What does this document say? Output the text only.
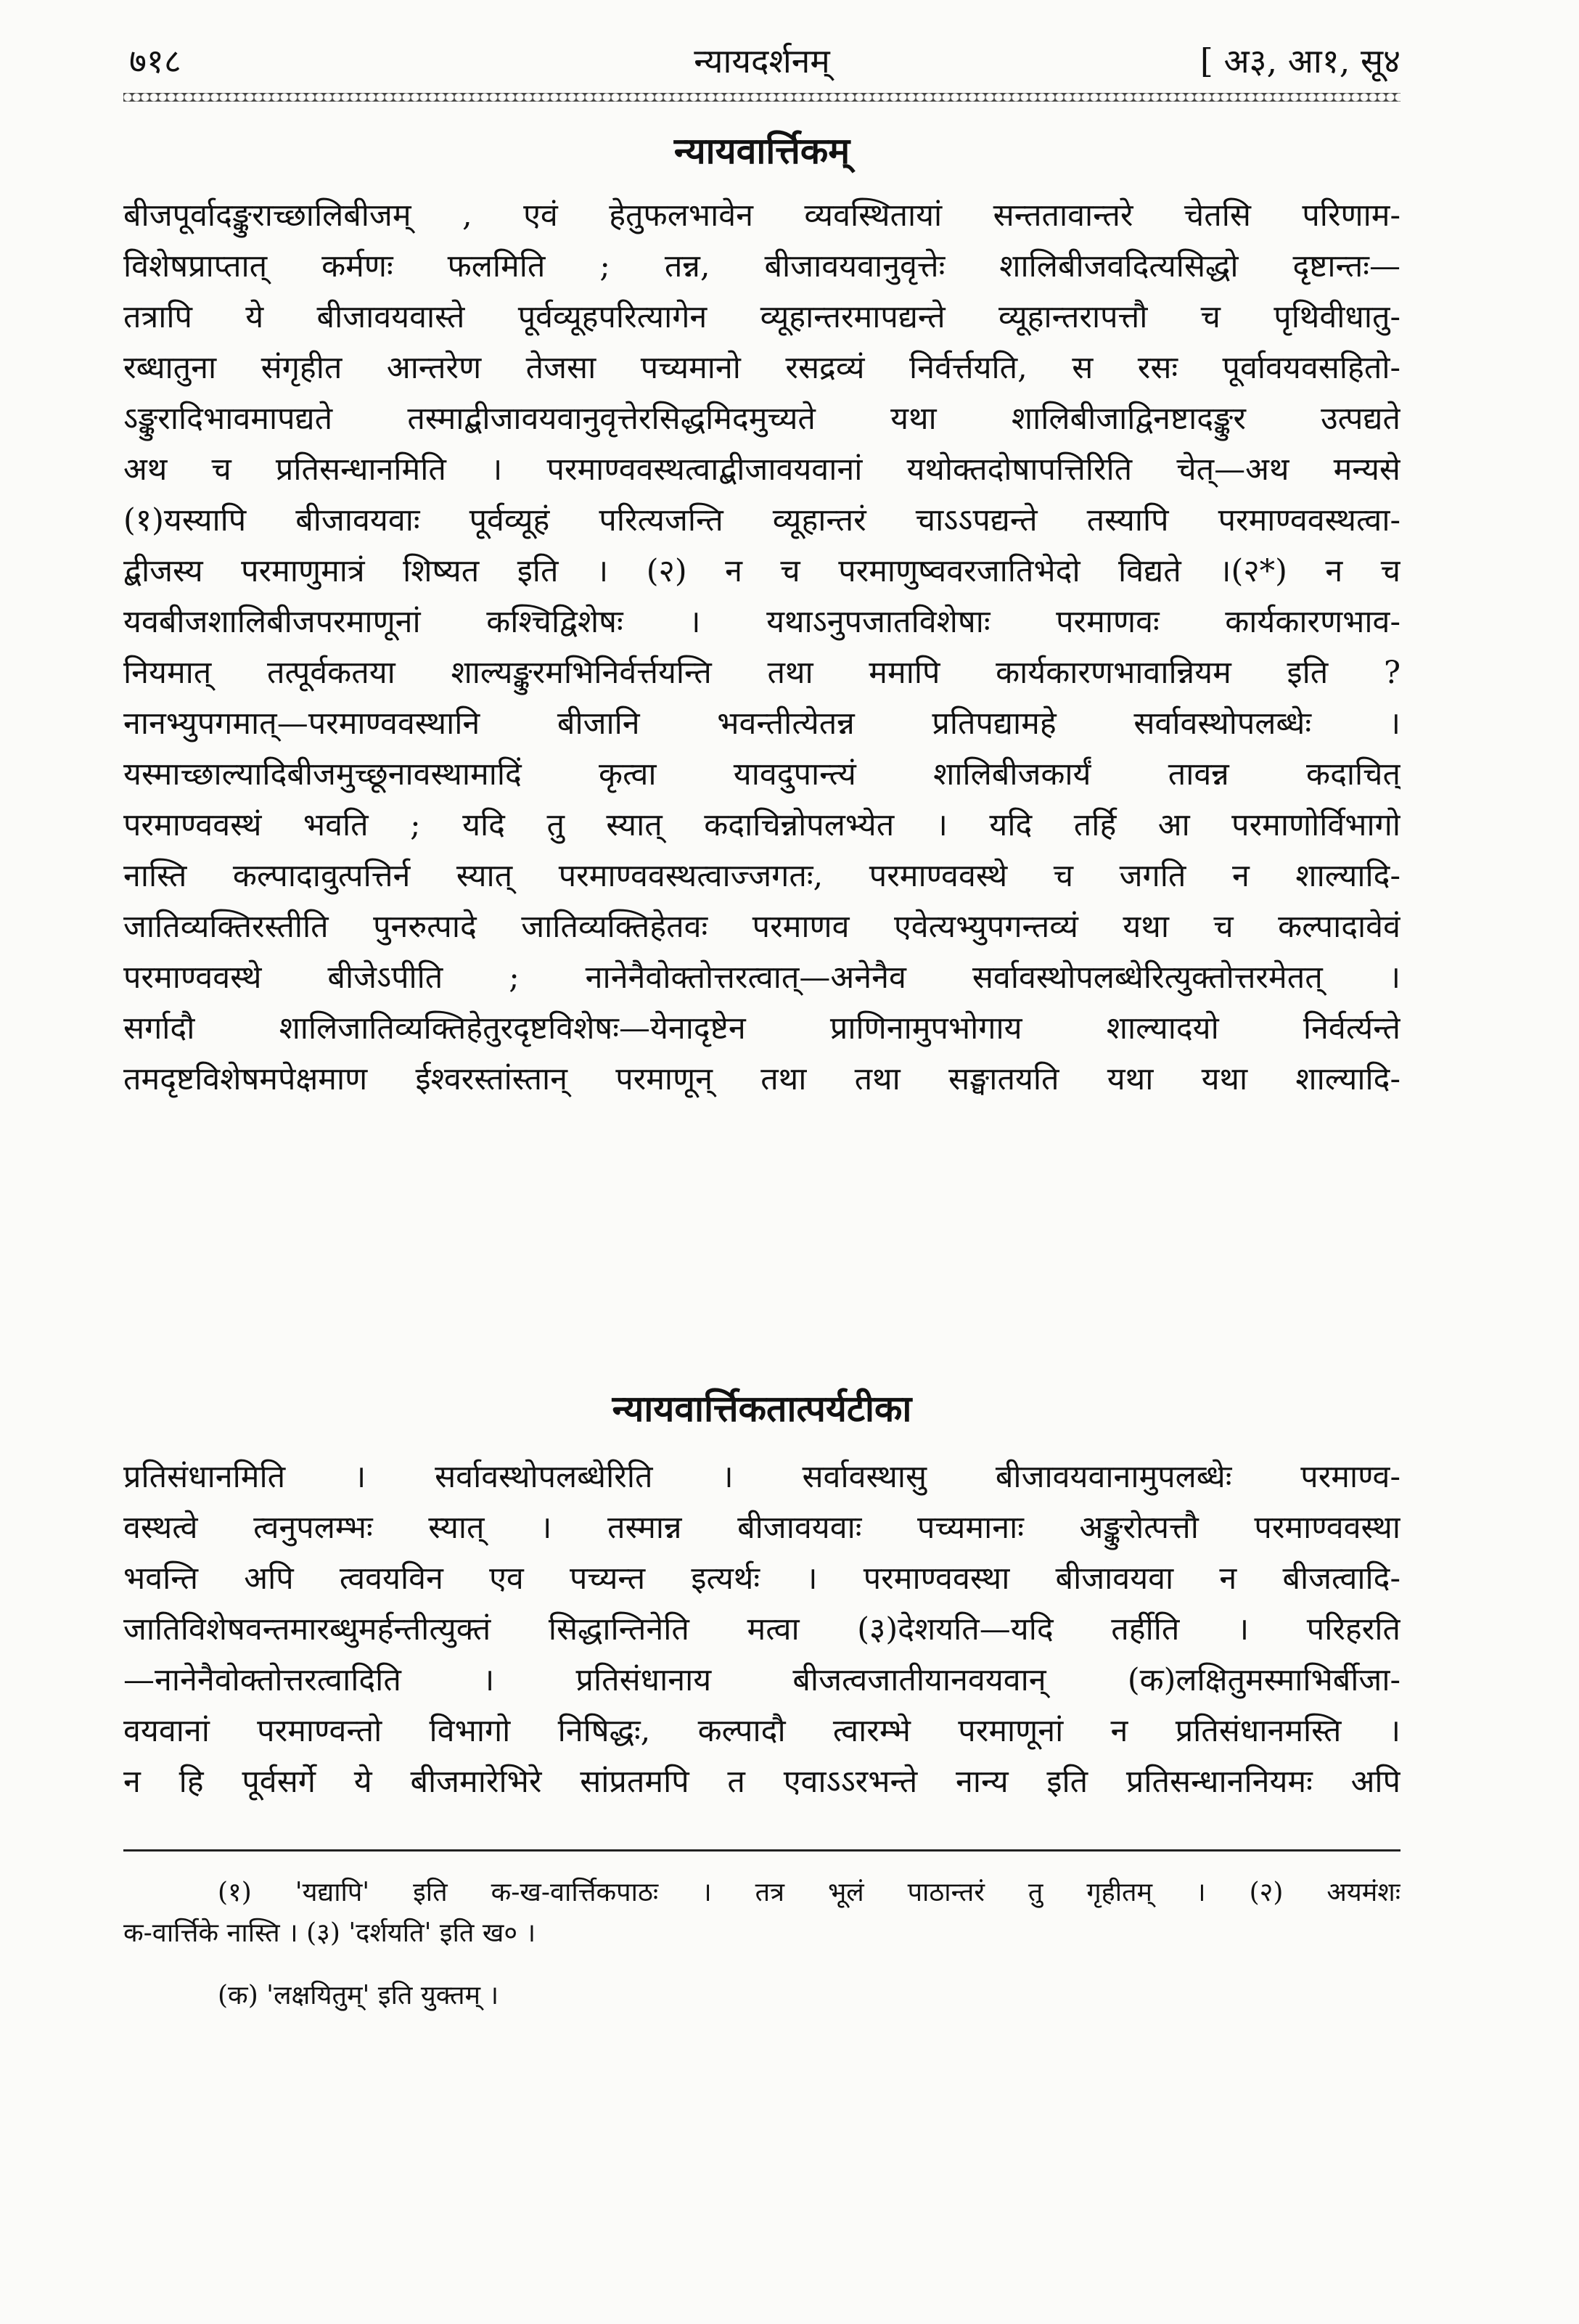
७१८	न्यायदर्शनम्	[ अ३, आ१, सू४
न्यायवार्त्तिकम्
बीजपूर्वादङ्कुराच्छालिबीजम् , एवं हेतुफलभावेन व्यवस्थितायां सन्ततावान्तरे चेतसि परिणाम-
विशेषप्राप्तात् कर्मणः फलमिति ; तन्न, बीजावयवानुवृत्तेः शालिबीजवदित्यसिद्धो दृष्टान्तः—
तत्रापि ये बीजावयवास्ते पूर्वव्यूहपरित्यागेन व्यूहान्तरमापद्यन्ते व्यूहान्तरापत्तौ च पृथिवीधातु-
रब्धातुना संगृहीत आन्तरेण तेजसा पच्यमानो रसद्रव्यं निर्वर्त्तयति, स रसः पूर्वावयवसहितो-
ऽङ्कुरादिभावमापद्यते तस्माद्बीजावयवानुवृत्तेरसिद्धमिदमुच्यते यथा शालिबीजाद्विनष्टादङ्कुर उत्पद्यते
अथ च प्रतिसन्धानमिति । परमाण्ववस्थत्वाद्बीजावयवानां यथोक्तदोषापत्तिरिति चेत्—अथ मन्यसे
(१)यस्यापि बीजावयवाः पूर्वव्यूहं परित्यजन्ति व्यूहान्तरं चाऽऽपद्यन्ते तस्यापि परमाण्ववस्थत्वा-
द्बीजस्य परमाणुमात्रं शिष्यत इति । (२) न च परमाणुष्ववरजातिभेदो विद्यते ।(२*) न च
यवबीजशालिबीजपरमाणूनां कश्चिद्विशेषः । यथाऽनुपजातविशेषाः परमाणवः कार्यकारणभाव-
नियमात् तत्पूर्वकतया शाल्यङ्कुरमभिनिर्वर्त्तयन्ति तथा ममापि कार्यकारणभावान्नियम इति ?
नानभ्युपगमात्—परमाण्ववस्थानि बीजानि भवन्तीत्येतन्न प्रतिपद्यामहे सर्वावस्थोपलब्धेः ।
यस्माच्छाल्यादिबीजमुच्छूनावस्थामादिं कृत्वा यावदुपान्त्यं शालिबीजकार्यं तावन्न कदाचित्
परमाण्ववस्थं भवति ; यदि तु स्यात् कदाचिन्नोपलभ्येत । यदि तर्हि आ परमाणोर्विभागो
नास्ति कल्पादावुत्पत्तिर्न स्यात् परमाण्ववस्थत्वाज्जगतः, परमाण्ववस्थे च जगति न शाल्यादि-
जातिव्यक्तिरस्तीति पुनरुत्पादे जातिव्यक्तिहेतवः परमाणव एवेत्यभ्युपगन्तव्यं यथा च कल्पादावेवं
परमाण्ववस्थे बीजेऽपीति ; नानेनैवोक्तोत्तरत्वात्—अनेनैव सर्वावस्थोपलब्धेरित्युक्तोत्तरमेतत् ।
सर्गादौ शालिजातिव्यक्तिहेतुरदृष्टविशेषः—येनादृष्टेन प्राणिनामुपभोगाय शाल्यादयो निर्वर्त्यन्ते
तमदृष्टविशेषमपेक्षमाण ईश्वरस्तांस्तान् परमाणून् तथा तथा सङ्घातयति यथा यथा शाल्यादि-
न्यायवार्त्तिकतात्पर्यटीका
प्रतिसंधानमिति । सर्वावस्थोपलब्धेरिति । सर्वावस्थासु बीजावयवानामुपलब्धेः परमाण्व-
वस्थत्वे त्वनुपलम्भः स्यात् । तस्मान्न बीजावयवाः पच्यमानाः अङ्कुरोत्पत्तौ परमाण्ववस्था
भवन्ति अपि त्ववयविन एव पच्यन्त इत्यर्थः । परमाण्ववस्था बीजावयवा न बीजत्वादि-
जातिविशेषवन्तमारब्धुमर्हन्तीत्युक्तं सिद्धान्तिनेति मत्वा (३)देशयति—यदि तर्हीति । परिहरति
—नानेनैवोक्तोत्तरत्वादिति । प्रतिसंधानाय बीजत्वजातीयानवयवान् (क)लक्षितुमस्माभिर्बीजा-
वयवानां परमाण्वन्तो विभागो निषिद्धः, कल्पादौ त्वारम्भे परमाणूनां न प्रतिसंधानमस्ति ।
न हि पूर्वसर्गे ये बीजमारेभिरे सांप्रतमपि त एवाऽऽरभन्ते नान्य इति प्रतिसन्धाननियमः अपि
(१) 'यद्यापि' इति क-ख-वार्त्तिकपाठः । तत्र भूलं पाठान्तरं तु गृहीतम् । (२) अयमंशः
क-वार्त्तिके नास्ति । (३) 'दर्शयति' इति ख० ।
(क) 'लक्षयितुम्' इति युक्तम् ।
